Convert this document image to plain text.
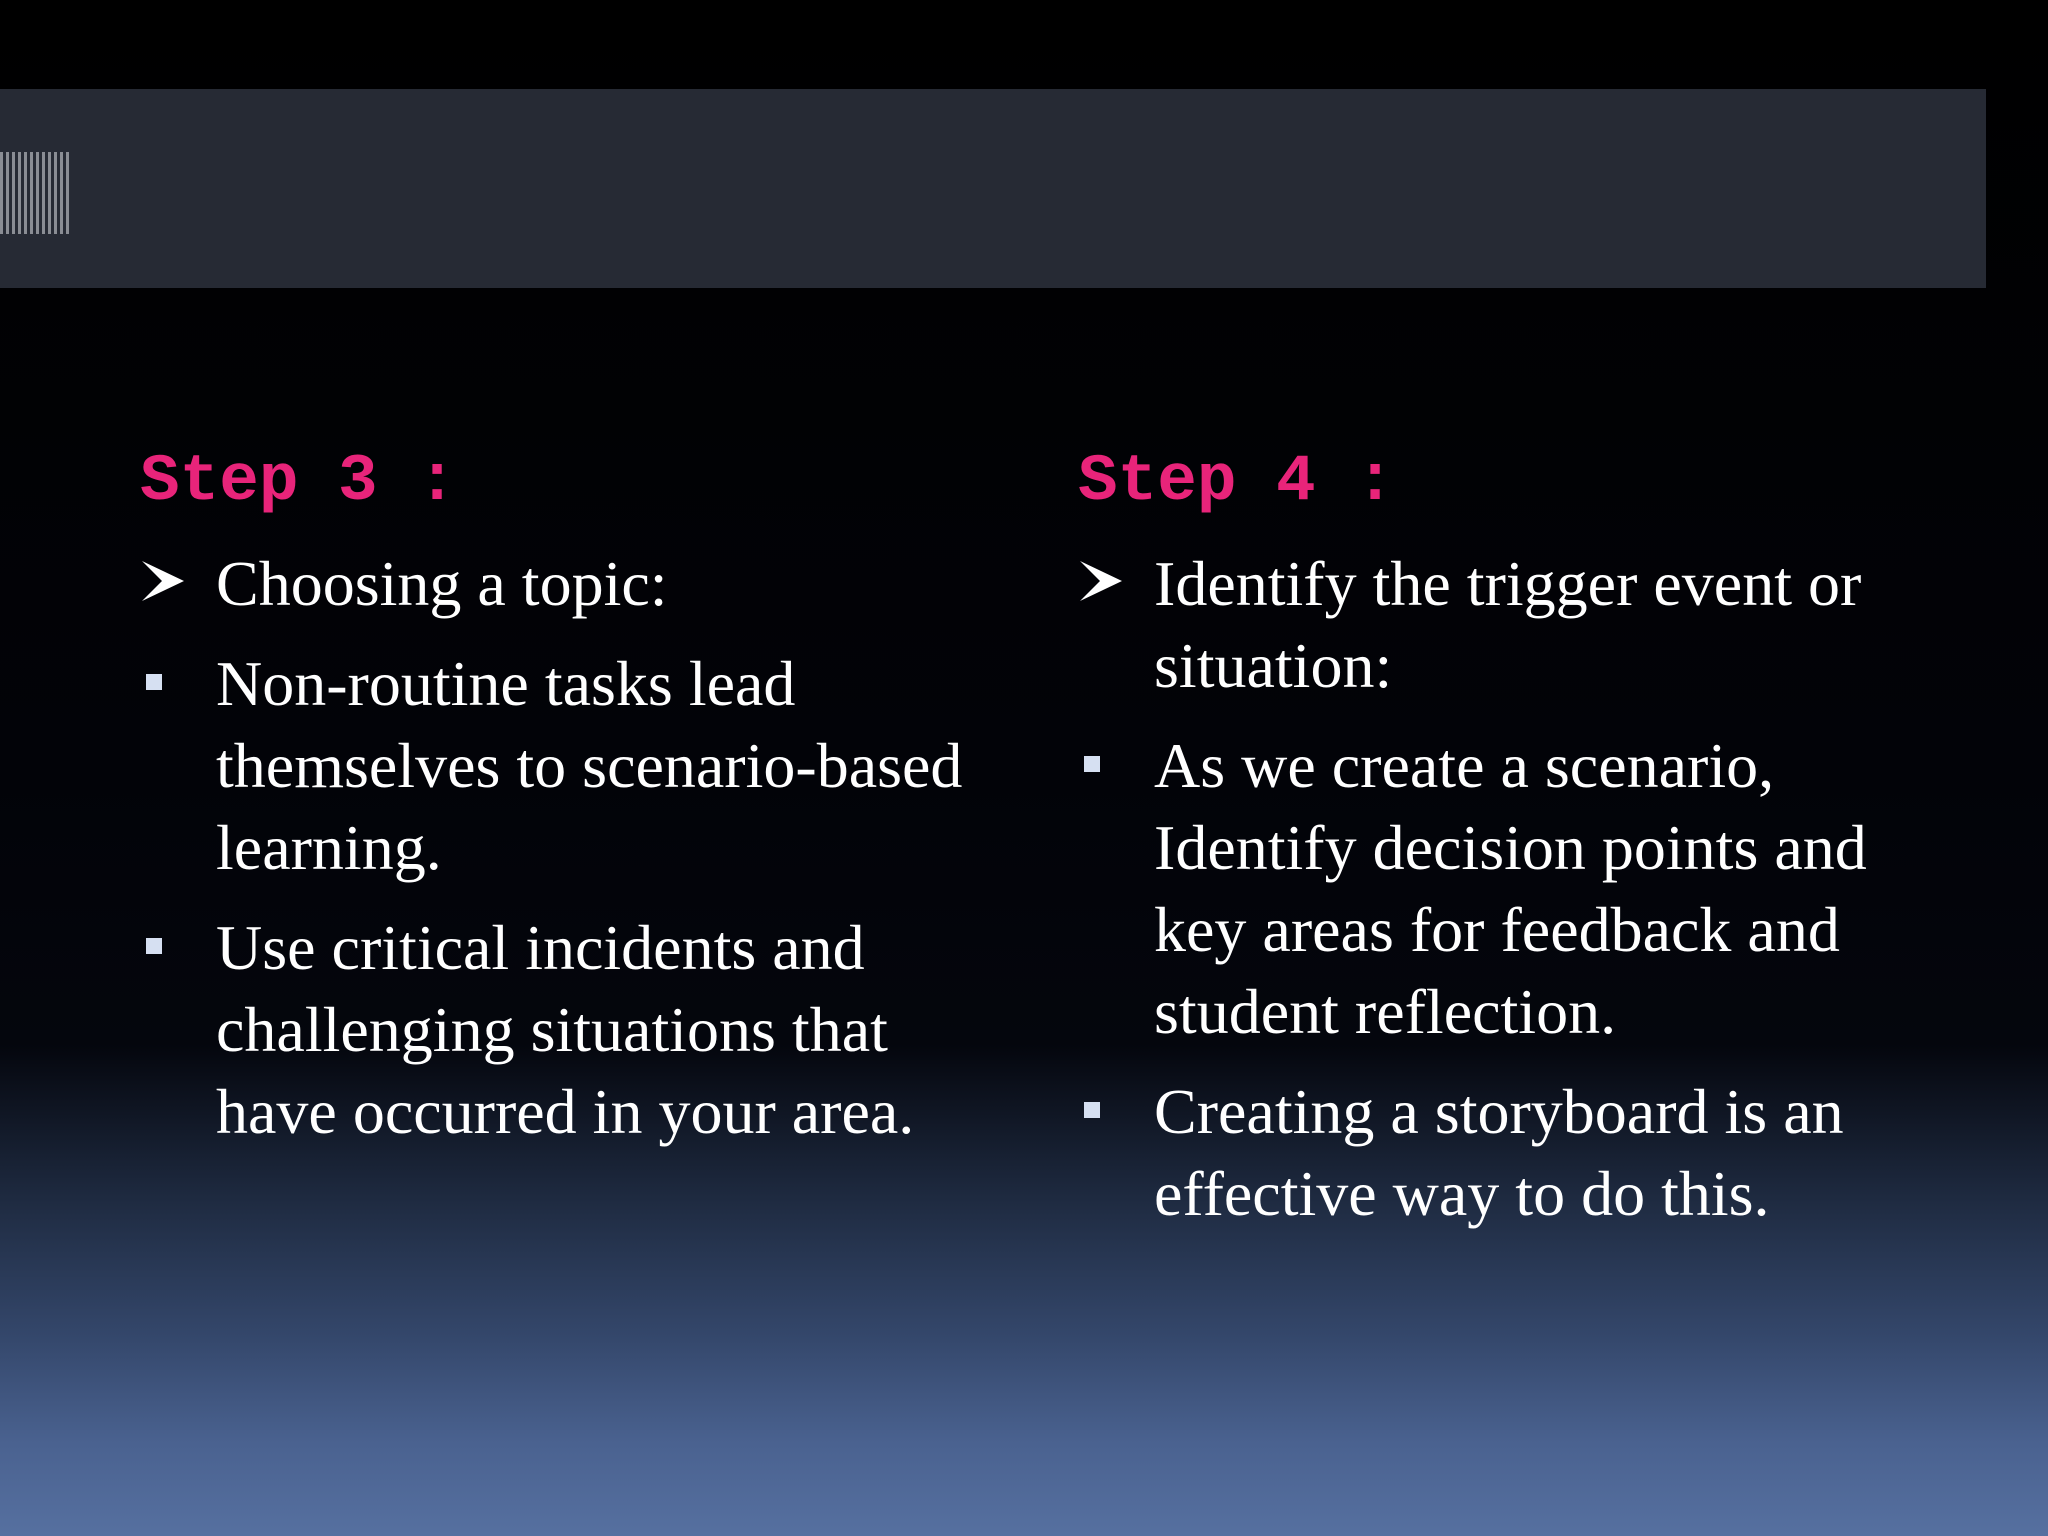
Step 3 :
Choosing a topic:
Non-routine tasks lead themselves to scenario-based learning.
Use critical incidents and challenging situations that have occurred in your area.
Step 4 :
Identify the trigger event or situation:
As we create a scenario, Identify decision points and key areas for feedback and student reflection.
Creating a storyboard is an effective way to do this.
